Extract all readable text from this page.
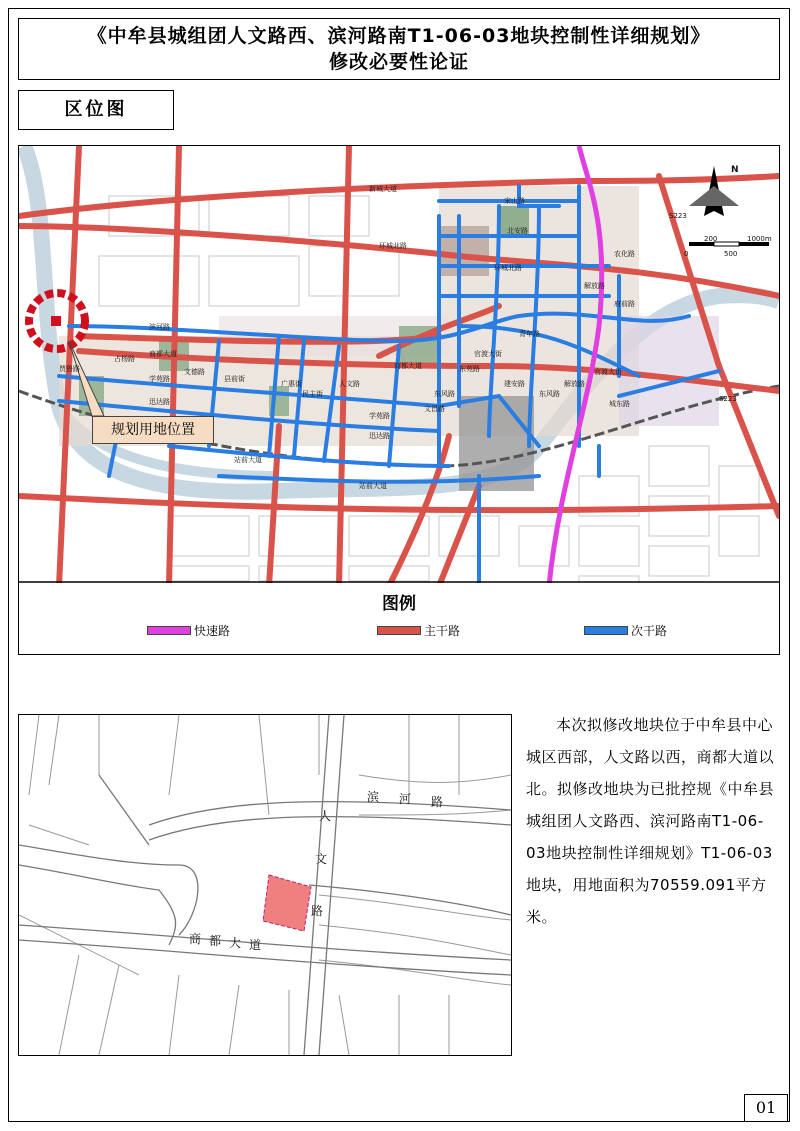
《中牟县城组团人文路西、滨河路南T1-06-03地块控制性详细规划》
修改必要性论证
区位图
N
0
200
500
1000m
新城大道
环城北路
宋山路
北安路
环城北路
滨河路
商都大道
学苑路
迅达路
站前大道
站前大道
文德路
东风路
青年路
官渡大街
解放路
城东路
建安路
县前街
东苑路
人文路
广惠街
民主街
占杨路
学苑路
迅达路
贾鲁路
东风路
商都大道
解放路
官渡大街
文昌路
府前路
农化路
S223
S223
规划用地位置
图例
快速路	主干路	次干路
滨 河 路
人
文
路
商 都 大 道

本次拟修改地块位于中牟县中心城区西部，人文路以西，商都大道以北。拟修改地块为已批控规《中牟县城组团人文路西、滨河路南T1-06-03地块控制性详细规划》T1-06-03地块，用地面积为70559.091平方米。

01
